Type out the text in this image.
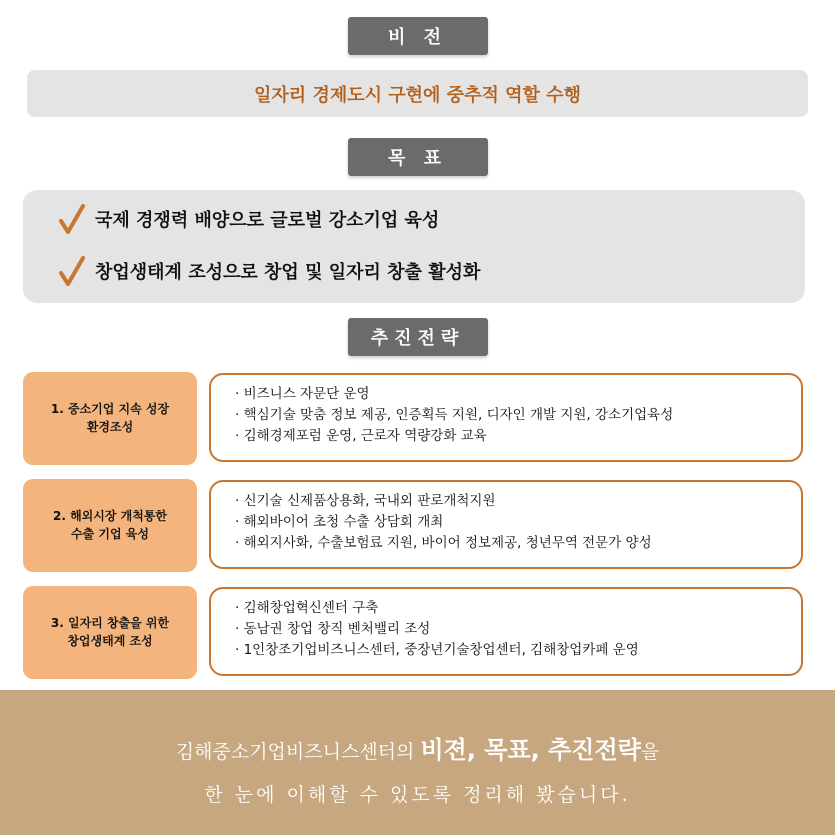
비 전
일자리 경제도시 구현에 중추적 역할 수행
목 표
국제 경쟁력 배양으로 글로벌 강소기업 육성
창업생태계 조성으로 창업 및 일자리 창출 활성화
추진전략
1. 중소기업 지속 성장
환경조성
· 비즈니스 자문단 운영
· 핵심기술 맞춤 정보 제공, 인증획득 지원, 디자인 개발 지원, 강소기업육성
· 김해경제포럼 운영, 근로자 역량강화 교육
2. 해외시장 개척통한
수출 기업 육성
· 신기술 신제품상용화, 국내외 판로개척지원
· 해외바이어 초청 수출 상담회 개최
· 해외지사화, 수출보험료 지원, 바이어 정보제공, 청년무역 전문가 양성
3. 일자리 창출을 위한
창업생태계 조성
· 김해창업혁신센터 구축
· 동남권 창업 창직 벤처밸리 조성
· 1인창조기업비즈니스센터, 중장년기술창업센터, 김해창업카페 운영
김해중소기업비즈니스센터의 비젼, 목표, 추진전략을
한 눈에 이해할 수 있도록 정리해 봤습니다.
